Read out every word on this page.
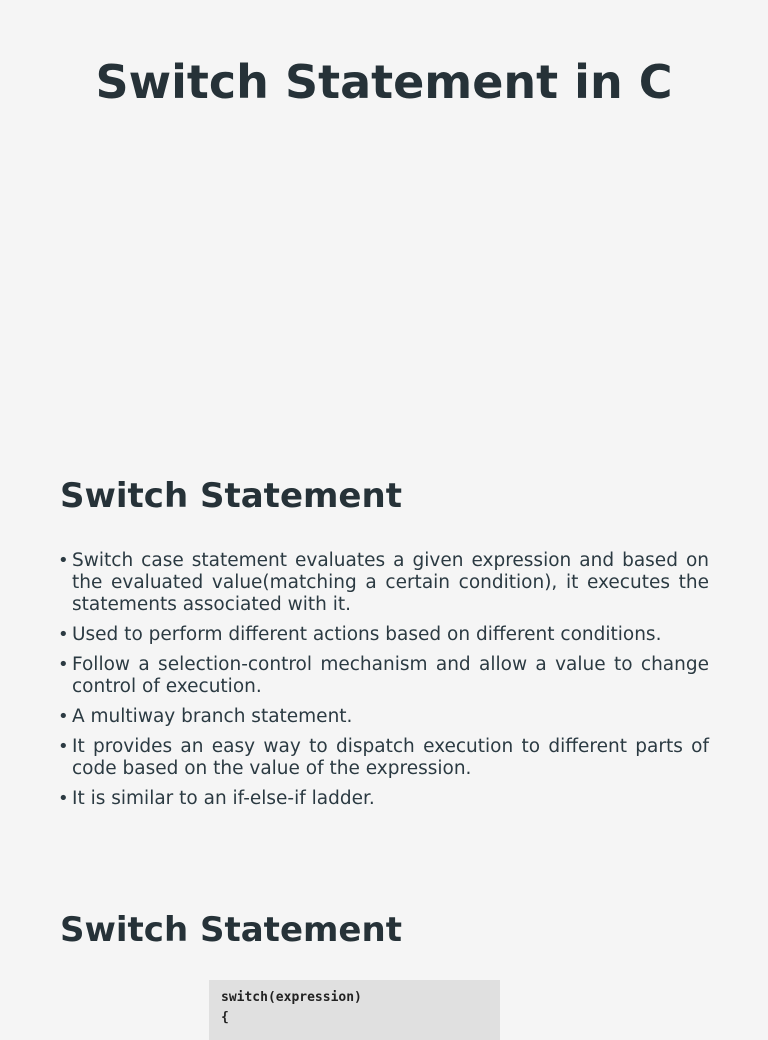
Switch Statement in C
Switch Statement
• Switch case statement evaluates a given expression and based on the evaluated value(matching a certain condition), it executes the statements associated with it.
• Used to perform different actions based on different conditions.
• Follow a selection-control mechanism and allow a value to change control of execution.
• A multiway branch statement.
• It provides an easy way to dispatch execution to different parts of code based on the value of the expression.
• It is similar to an if-else-if ladder.
Switch Statement
switch(expression)
{
